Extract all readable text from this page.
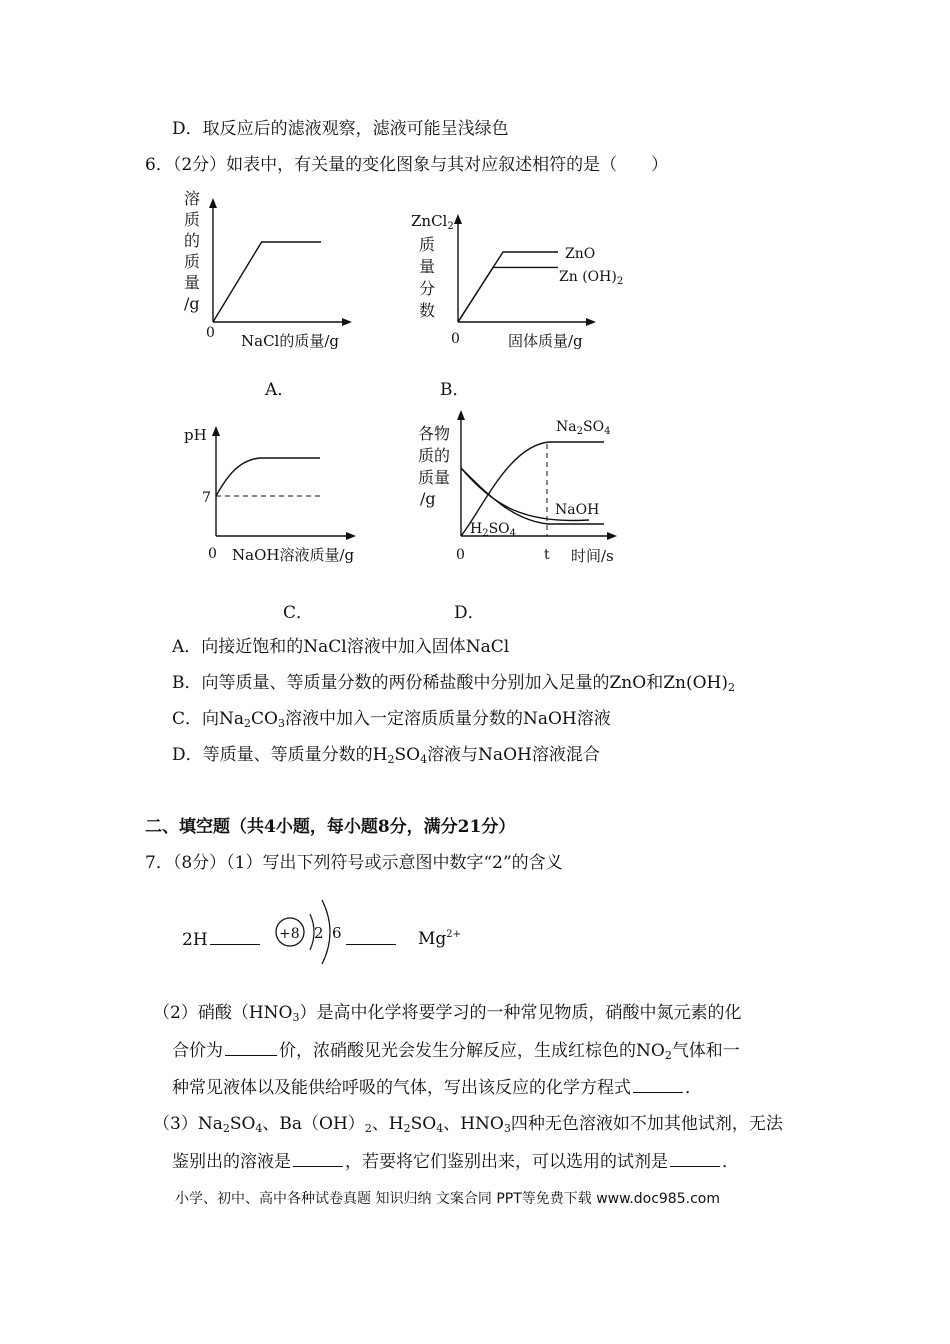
D．取反应后的滤液观察，滤液可能呈浅绿色
6．（2分）如表中，有关量的变化图象与其对应叙述相符的是（　　）
溶
质
的
质
量
/g
0 NaCl的质量/g
A．
ZnCl$_2$
质
量
分
数
0	固体质量/g
ZnO
Zn $(OH)_2$
B．
pH
7
0 NaOH溶液质量/g
C．
各物
质的
质量
/g
$Na_2SO_4$
NaOH
$H_2SO_4$
0	t 时间/s
D．
A．向接近饱和的NaCl溶液中加入固体NaCl
B．向等质量、等质量分数的两份稀盐酸中分别加入足量的ZnO和$Zn(OH)_2$
C．向$Na_2CO_3$溶液中加入一定溶质质量分数的NaOH溶液
D．等质量、等质量分数的$H_2SO_4$溶液与NaOH溶液混合
二、填空题（共4小题，每小题8分，满分21分）
7．（8分）（1）写出下列符号或示意图中数字“2”的含义
2H	+8 2 6	$Mg^{2+}$
（2）硝酸$(HNO_3)$是高中化学将要学习的一种常见物质，硝酸中氮元素的化
合价为	价，浓硝酸见光会发生分解反应，生成红棕色的$NO_2$气体和一
种常见液体以及能供给呼吸的气体，写出该反应的化学方程式	．
$(3)Na_2SO_4$、$Ba(OH)_2$、$H_2SO_4$、$HNO_3$四种无色溶液如不加其他试剂，无法
鉴别出的溶液是	，若要将它们鉴别出来，可以选用的试剂是	．
小学、初中、高中各种试卷真题 知识归纳 文案合同 PPT等免费下载 www.doc985.com
